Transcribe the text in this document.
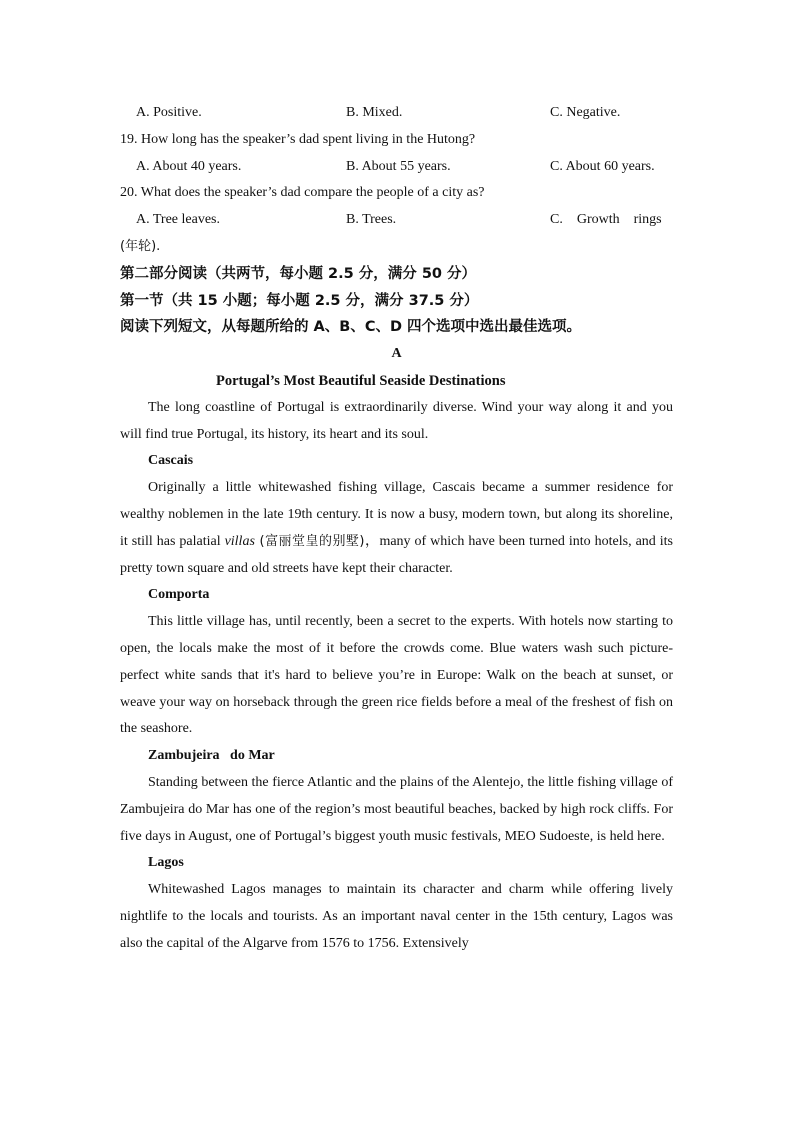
A. Positive.	B. Mixed.	C. Negative.
19. How long has the speaker’s dad spent living in the Hutong?
A. About 40 years.	B. About 55 years.	C. About 60 years.
20. What does the speaker’s dad compare the people of a city as?
A. Tree leaves.	B. Trees.	C.    Growth    rings
(年轮).
第二部分阅读（共两节，每小题 2.5 分，满分 50 分）
第一节（共 15 小题；每小题 2.5 分，满分 37.5 分）
阅读下列短文，从每题所给的 A、B、C、D 四个选项中选出最佳选项。
A
Portugal’s Most Beautiful Seaside Destinations

The long coastline of Portugal is extraordinarily diverse. Wind your way along it and you will find true Portugal, its history, its heart and its soul.

Cascais

Originally a little whitewashed fishing village, Cascais became a summer residence for wealthy noblemen in the late 19th century. It is now a busy, modern town, but along its shoreline, it still has palatial villas (富丽堂皇的别墅)，many of which have been turned into hotels, and its pretty town square and old streets have kept their character.

Comporta

This little village has, until recently, been a secret to the experts. With hotels now starting to open, the locals make the most of it before the crowds come. Blue waters wash such picture-perfect white sands that it's hard to believe you’re in Europe: Walk on the beach at sunset, or weave your way on horseback through the green rice fields before a meal of the freshest of fish on the seashore.

Zambujeira   do Mar

Standing between the fierce Atlantic and the plains of the Alentejo, the little fishing village of Zambujeira do Mar has one of the region’s most beautiful beaches, backed by high rock cliffs. For five days in August, one of Portugal’s biggest youth music festivals, MEO Sudoeste, is held here.

Lagos

Whitewashed Lagos manages to maintain its character and charm while offering lively nightlife to the locals and tourists. As an important naval center in the 15th century, Lagos was also the capital of the Algarve from 1576 to 1756. Extensively
